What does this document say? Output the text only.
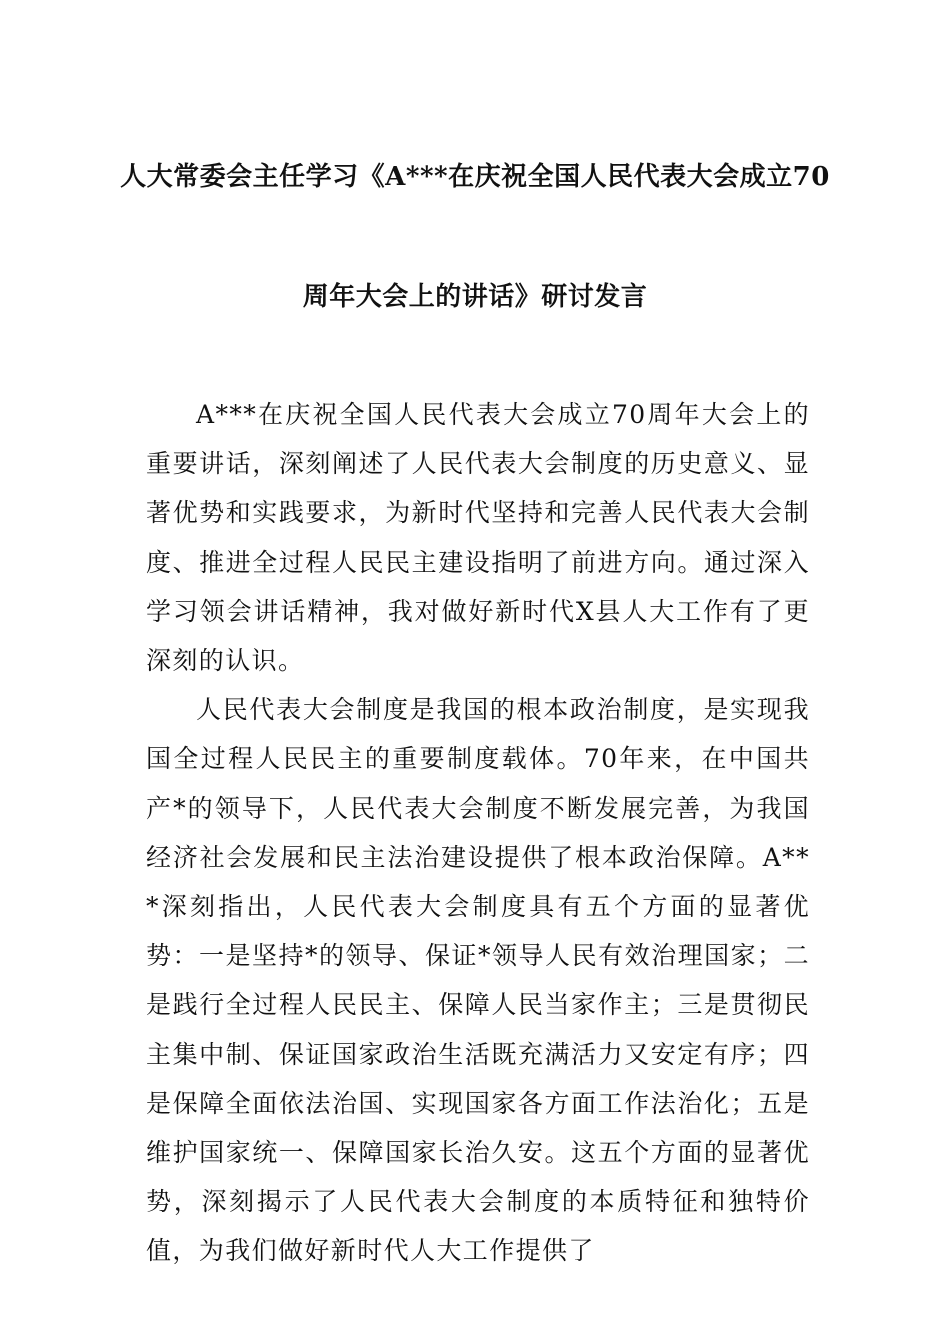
人大常委会主任学习《A***在庆祝全国人民代表大会成立70
周年大会上的讲话》研讨发言

A***在庆祝全国人民代表大会成立70周年大会上的重要讲话，深刻阐述了人民代表大会制度的历史意义、显著优势和实践要求，为新时代坚持和完善人民代表大会制度、推进全过程人民民主建设指明了前进方向。通过深入学习领会讲话精神，我对做好新时代X县人大工作有了更深刻的认识。

人民代表大会制度是我国的根本政治制度，是实现我国全过程人民民主的重要制度载体。70年来，在中国共产*的领导下，人民代表大会制度不断发展完善，为我国经济社会发展和民主法治建设提供了根本政治保障。A***深刻指出，人民代表大会制度具有五个方面的显著优势：一是坚持*的领导、保证*领导人民有效治理国家；二是践行全过程人民民主、保障人民当家作主；三是贯彻民主集中制、保证国家政治生活既充满活力又安定有序；四是保障全面依法治国、实现国家各方面工作法治化；五是维护国家统一、保障国家长治久安。这五个方面的显著优势，深刻揭示了人民代表大会制度的本质特征和独特价值，为我们做好新时代人大工作提供了
